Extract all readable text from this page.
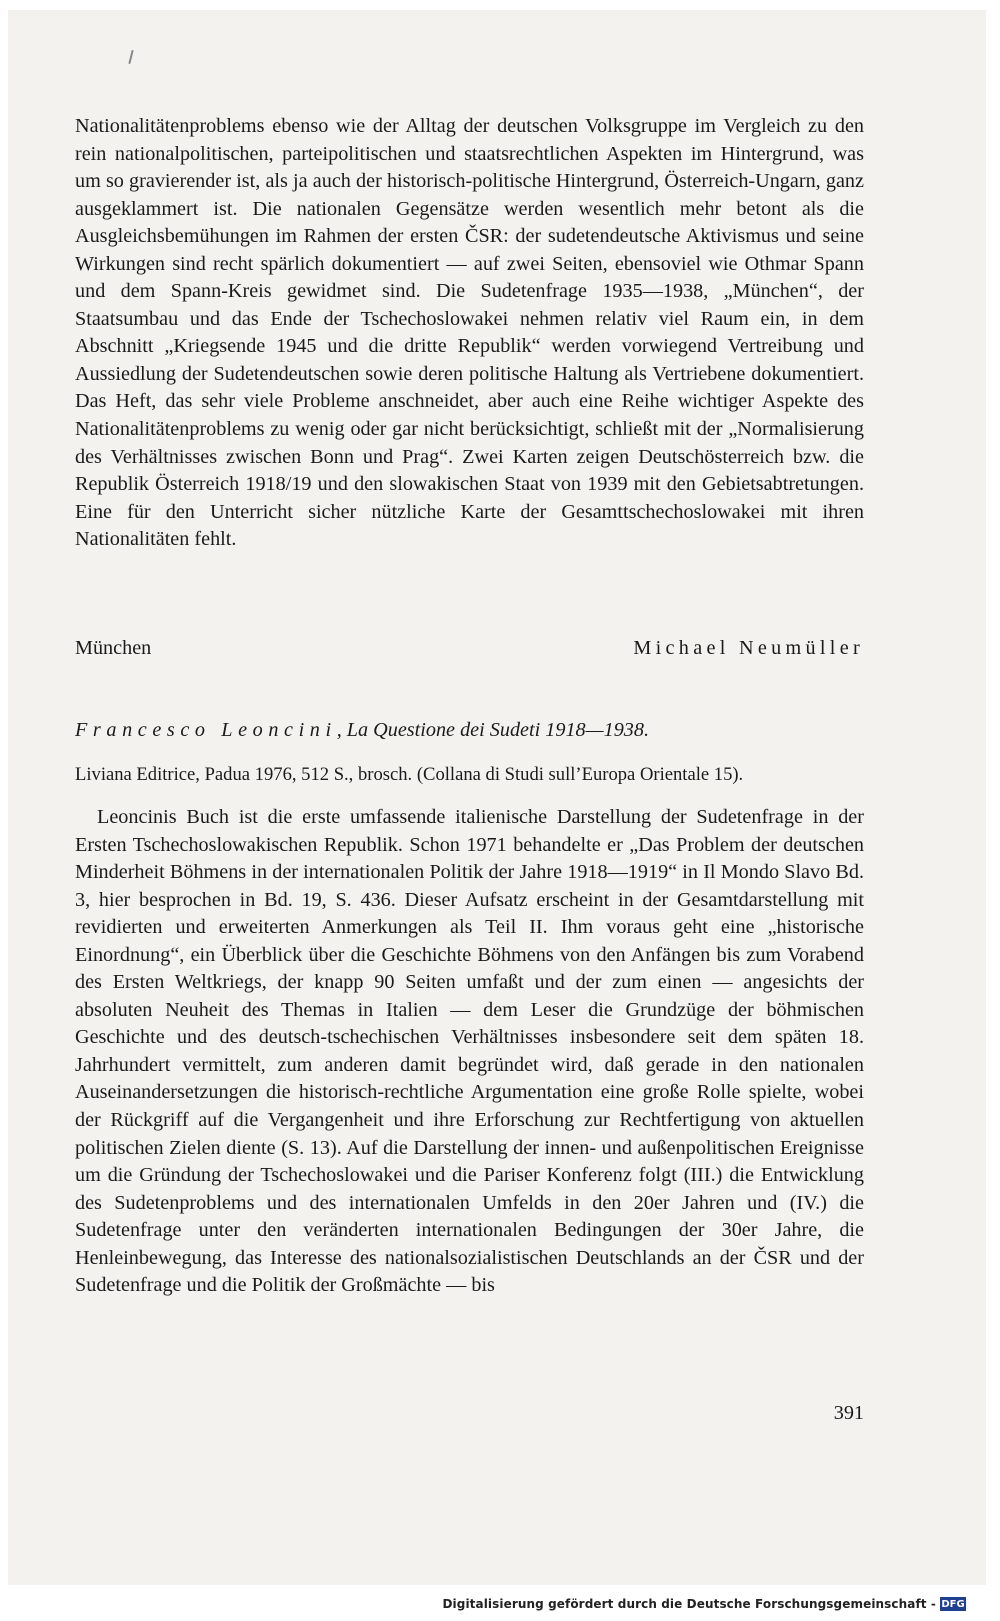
Nationalitätenproblems ebenso wie der Alltag der deutschen Volksgruppe im Vergleich zu den rein nationalpolitischen, parteipolitischen und staatsrechtlichen Aspekten im Hintergrund, was um so gravierender ist, als ja auch der historisch-politische Hintergrund, Österreich-Ungarn, ganz ausgeklammert ist. Die nationalen Gegensätze werden wesentlich mehr betont als die Ausgleichsbemühungen im Rahmen der ersten ČSR: der sudetendeutsche Aktivismus und seine Wirkungen sind recht spärlich dokumentiert — auf zwei Seiten, ebensoviel wie Othmar Spann und dem Spann-Kreis gewidmet sind. Die Sudetenfrage 1935—1938, „München“, der Staatsumbau und das Ende der Tschechoslowakei nehmen relativ viel Raum ein, in dem Abschnitt „Kriegsende 1945 und die dritte Republik“ werden vorwiegend Vertreibung und Aussiedlung der Sudetendeutschen sowie deren politische Haltung als Vertriebene dokumentiert. Das Heft, das sehr viele Probleme anschneidet, aber auch eine Reihe wichtiger Aspekte des Nationalitätenproblems zu wenig oder gar nicht berücksichtigt, schließt mit der „Normalisierung des Verhältnisses zwischen Bonn und Prag“. Zwei Karten zeigen Deutschösterreich bzw. die Republik Österreich 1918/19 und den slowakischen Staat von 1939 mit den Gebietsabtretungen. Eine für den Unterricht sicher nützliche Karte der Gesamttschechoslowakei mit ihren Nationalitäten fehlt.

München	Michael Neumüller
Francesco Leoncini, La Questione dei Sudeti 1918—1938.
Liviana Editrice, Padua 1976, 512 S., brosch. (Collana di Studi sull’Europa Orientale 15).

Leoncinis Buch ist die erste umfassende italienische Darstellung der Sudetenfrage in der Ersten Tschechoslowakischen Republik. Schon 1971 behandelte er „Das Problem der deutschen Minderheit Böhmens in der internationalen Politik der Jahre 1918—1919“ in Il Mondo Slavo Bd. 3, hier besprochen in Bd. 19, S. 436. Dieser Aufsatz erscheint in der Gesamtdarstellung mit revidierten und erweiterten Anmerkungen als Teil II. Ihm voraus geht eine „historische Einordnung“, ein Überblick über die Geschichte Böhmens von den Anfängen bis zum Vorabend des Ersten Weltkriegs, der knapp 90 Seiten umfaßt und der zum einen — angesichts der absoluten Neuheit des Themas in Italien — dem Leser die Grundzüge der böhmischen Geschichte und des deutsch-tschechischen Verhältnisses insbesondere seit dem späten 18. Jahrhundert vermittelt, zum anderen damit begründet wird, daß gerade in den nationalen Auseinandersetzungen die historisch-rechtliche Argumentation eine große Rolle spielte, wobei der Rückgriff auf die Vergangenheit und ihre Erforschung zur Rechtfertigung von aktuellen politischen Zielen diente (S. 13). Auf die Darstellung der innen- und außenpolitischen Ereignisse um die Gründung der Tschechoslowakei und die Pariser Konferenz folgt (III.) die Entwicklung des Sudetenproblems und des internationalen Umfelds in den 20er Jahren und (IV.) die Sudetenfrage unter den veränderten internationalen Bedingungen der 30er Jahre, die Henleinbewegung, das Interesse des nationalsozialistischen Deutschlands an der ČSR und der Sudetenfrage und die Politik der Großmächte — bis

391
Digitalisierung gefördert durch die Deutsche Forschungsgemeinschaft - DFG
